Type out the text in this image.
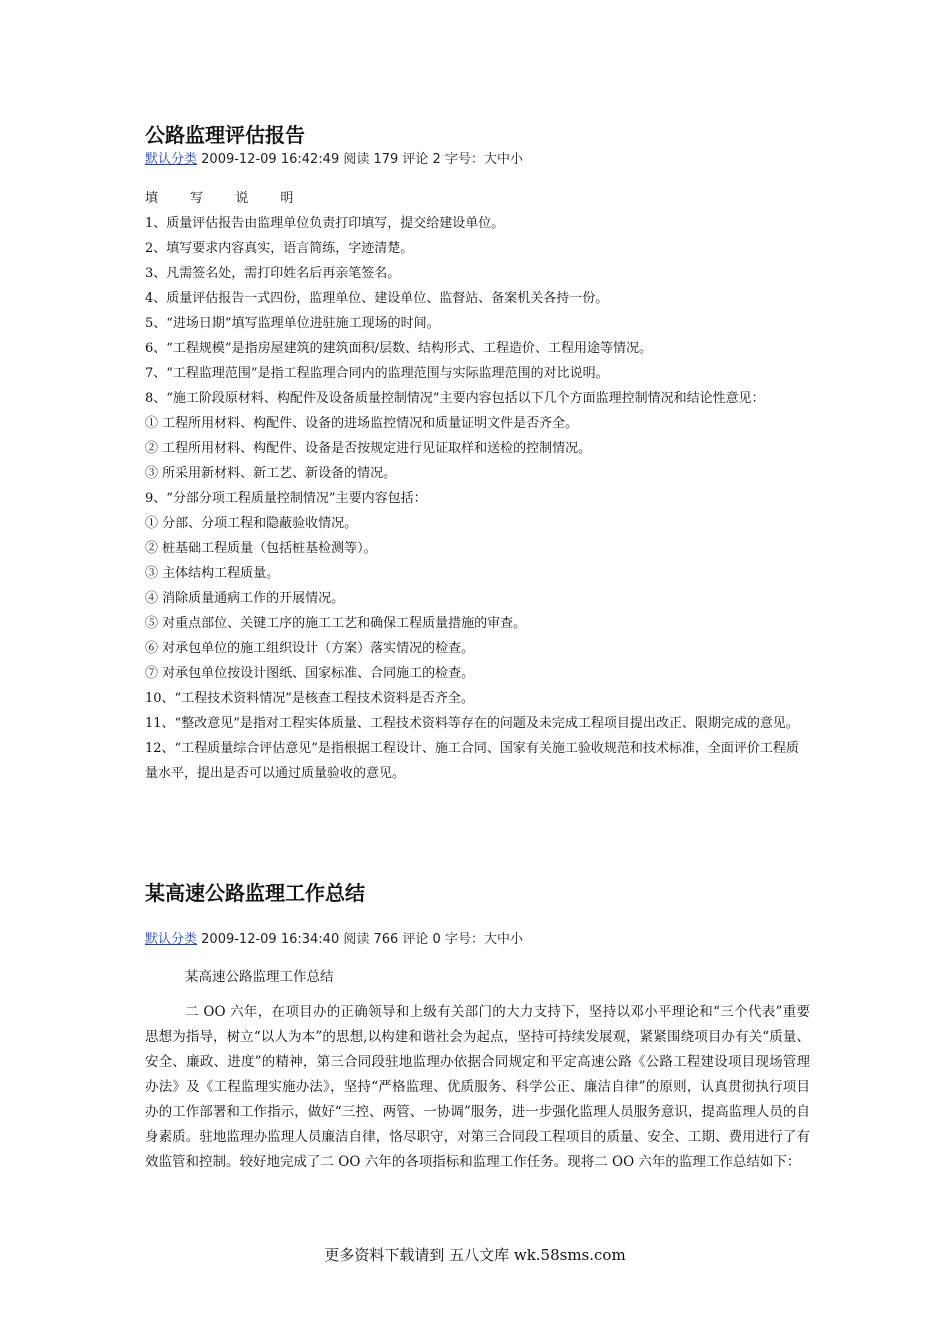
公路监理评估报告
默认分类 2009-12-09 16:42:49 阅读 179 评论 2 字号：大中小
填 写 说 明
1、质量评估报告由监理单位负责打印填写，提交给建设单位。
2、填写要求内容真实，语言简练，字迹清楚。
3、凡需签名处，需打印姓名后再亲笔签名。
4、质量评估报告一式四份，监理单位、建设单位、监督站、备案机关各持一份。
5、“进场日期”填写监理单位进驻施工现场的时间。
6、“工程规模”是指房屋建筑的建筑面积/层数、结构形式、工程造价、工程用途等情况。
7、“工程监理范围”是指工程监理合同内的监理范围与实际监理范围的对比说明。
8、“施工阶段原材料、构配件及设备质量控制情况”主要内容包括以下几个方面监理控制情况和结论性意见：
① 工程所用材料、构配件、设备的进场监控情况和质量证明文件是否齐全。
② 工程所用材料、构配件、设备是否按规定进行见证取样和送检的控制情况。
③ 所采用新材料、新工艺、新设备的情况。
9、“分部分项工程质量控制情况”主要内容包括：
① 分部、分项工程和隐蔽验收情况。
② 桩基础工程质量（包括桩基检测等）。
③ 主体结构工程质量。
④ 消除质量通病工作的开展情况。
⑤ 对重点部位、关键工序的施工工艺和确保工程质量措施的审查。
⑥ 对承包单位的施工组织设计（方案）落实情况的检查。
⑦ 对承包单位按设计图纸、国家标准、合同施工的检查。
10、“工程技术资料情况”是核查工程技术资料是否齐全。
11、“整改意见”是指对工程实体质量、工程技术资料等存在的问题及未完成工程项目提出改正、限期完成的意见。
12、“工程质量综合评估意见”是指根据工程设计、施工合同、国家有关施工验收规范和技术标准，全面评价工程质量水平，提出是否可以通过质量验收的意见。
某高速公路监理工作总结
默认分类 2009-12-09 16:34:40 阅读 766 评论 0 字号：大中小
某高速公路监理工作总结
二 OO 六年，在项目办的正确领导和上级有关部门的大力支持下，坚持以邓小平理论和“三个代表”重要思想为指导，树立“以人为本”的思想,以构建和谐社会为起点，坚持可持续发展观，紧紧围绕项目办有关“质量、安全、廉政、进度”的精神，第三合同段驻地监理办依据合同规定和平定高速公路《公路工程建设项目现场管理办法》及《工程监理实施办法》，坚持“严格监理、优质服务、科学公正、廉洁自律”的原则，认真贯彻执行项目办的工作部署和工作指示，做好“三控、两管、一协调”服务，进一步强化监理人员服务意识，提高监理人员的自身素质。驻地监理办监理人员廉洁自律，恪尽职守，对第三合同段工程项目的质量、安全、工期、费用进行了有效监管和控制。较好地完成了二 OO 六年的各项指标和监理工作任务。现将二 OO 六年的监理工作总结如下：
更多资料下载请到 五八文库 wk.58sms.com
